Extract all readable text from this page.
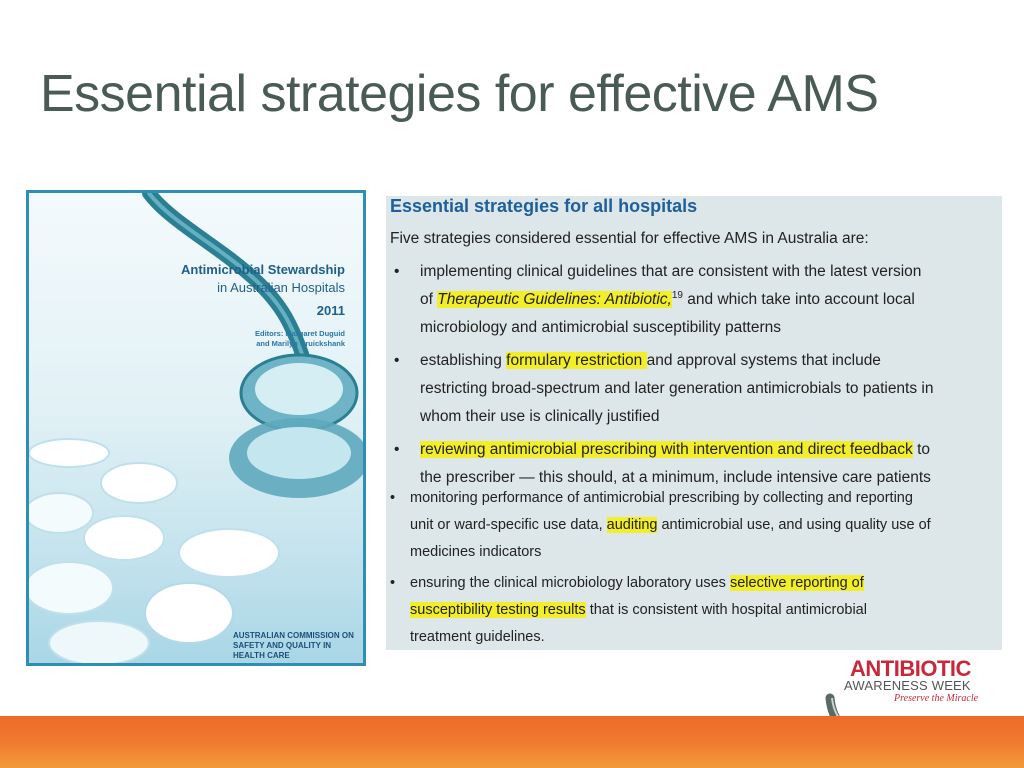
Essential strategies for effective AMS
Antimicrobial Stewardship
in Australian Hospitals
2011
Editors: Margaret Duguid
and Marilyn Cruickshank
AUSTRALIAN COMMISSION ON
SAFETY AND QUALITY IN HEALTH CARE
Essential strategies for all hospitals
Five strategies considered essential for effective AMS in Australia are:
• implementing clinical guidelines that are consistent with the latest version
of Therapeutic Guidelines: Antibiotic,$^{19}$ and which take into account local
microbiology and antimicrobial susceptibility patterns
• establishing formulary restriction and approval systems that include
restricting broad-spectrum and later generation antimicrobials to patients in
whom their use is clinically justified
• reviewing antimicrobial prescribing with intervention and direct feedback to
the prescriber — this should, at a minimum, include intensive care patients
• monitoring performance of antimicrobial prescribing by collecting and reporting
unit or ward-specific use data, auditing antimicrobial use, and using quality use of
medicines indicators
• ensuring the clinical microbiology laboratory uses selective reporting of
susceptibility testing results that is consistent with hospital antimicrobial
treatment guidelines.
ANTIBIOTIC
AWARENESS WEEK
Preserve the Miracle
